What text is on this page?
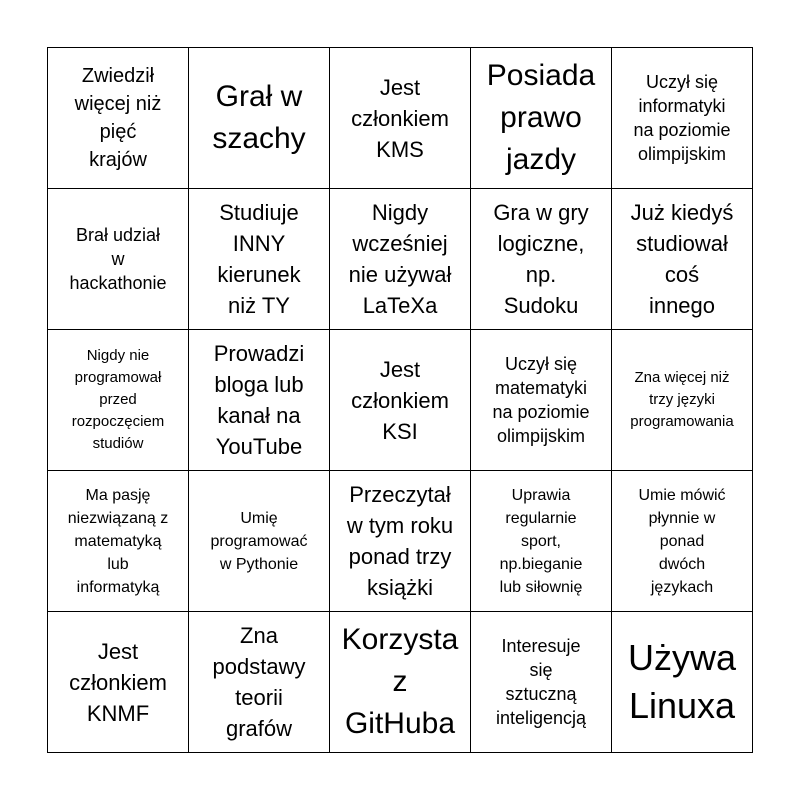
Zwiedził
więcej niż
pięć
krajów
Grał w
szachy
Jest
członkiem
KMS
Posiada
prawo
jazdy
Uczył się
informatyki
na poziomie
olimpijskim
Brał udział
w
hackathonie
Studiuje
INNY
kierunek
niż TY
Nigdy
wcześniej
nie używał
LaTeXa
Gra w gry
logiczne,
np.
Sudoku
Już kiedyś
studiował
coś
innego
Nigdy nie
programował
przed
rozpoczęciem
studiów
Prowadzi
bloga lub
kanał na
YouTube
Jest
członkiem
KSI
Uczył się
matematyki
na poziomie
olimpijskim
Zna więcej niż
trzy języki
programowania
Ma pasję
niezwiązaną z
matematyką
lub
informatyką
Umię
programować
w Pythonie
Przeczytał
w tym roku
ponad trzy
książki
Uprawia
regularnie
sport,
np.bieganie
lub siłownię
Umie mówić
płynnie w
ponad
dwóch
językach
Jest
członkiem
KNMF
Zna
podstawy
teorii
grafów
Korzysta
z
GitHuba
Interesuje
się
sztuczną
inteligencją
Używa
Linuxa
